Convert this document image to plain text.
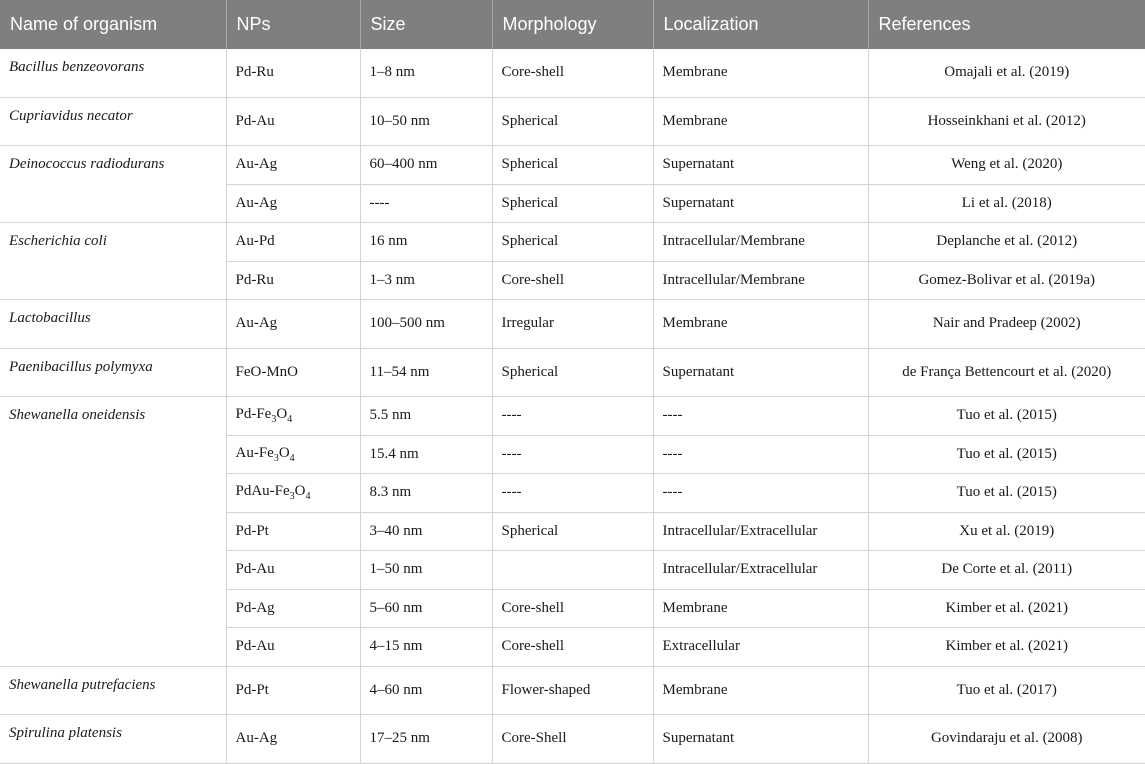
Name of organism	NPs	Size	Morphology	Localization	References
Bacillus benzeovorans	Pd-Ru	1–8 nm	Core-shell	Membrane	Omajali et al. (2019)
Cupriavidus necator	Pd-Au	10–50 nm	Spherical	Membrane	Hosseinkhani et al. (2012)
Deinococcus radiodurans	Au-Ag	60–400 nm	Spherical	Supernatant	Weng et al. (2020)
	Au-Ag	----	Spherical	Supernatant	Li et al. (2018)
Escherichia coli	Au-Pd	16 nm	Spherical	Intracellular/Membrane	Deplanche et al. (2012)
	Pd-Ru	1–3 nm	Core-shell	Intracellular/Membrane	Gomez-Bolivar et al. (2019a)
Lactobacillus	Au-Ag	100–500 nm	Irregular	Membrane	Nair and Pradeep (2002)
Paenibacillus polymyxa	FeO-MnO	11–54 nm	Spherical	Supernatant	de França Bettencourt et al. (2020)
Shewanella oneidensis	$Pd-Fe_3O_4$	5.5 nm	----	----	Tuo et al. (2015)
	$Au-Fe_3O_4$	15.4 nm	----	----	Tuo et al. (2015)
	PdAu-$Fe_3O_4$	8.3 nm	----	----	Tuo et al. (2015)
	Pd-Pt	3–40 nm	Spherical	Intracellular/Extracellular	Xu et al. (2019)
	Pd-Au	1–50 nm		Intracellular/Extracellular	De Corte et al. (2011)
	Pd-Ag	5–60 nm	Core-shell	Membrane	Kimber et al. (2021)
	Pd-Au	4–15 nm	Core-shell	Extracellular	Kimber et al. (2021)
Shewanella putrefaciens	Pd-Pt	4–60 nm	Flower-shaped	Membrane	Tuo et al. (2017)
Spirulina platensis	Au-Ag	17–25 nm	Core-Shell	Supernatant	Govindaraju et al. (2008)
